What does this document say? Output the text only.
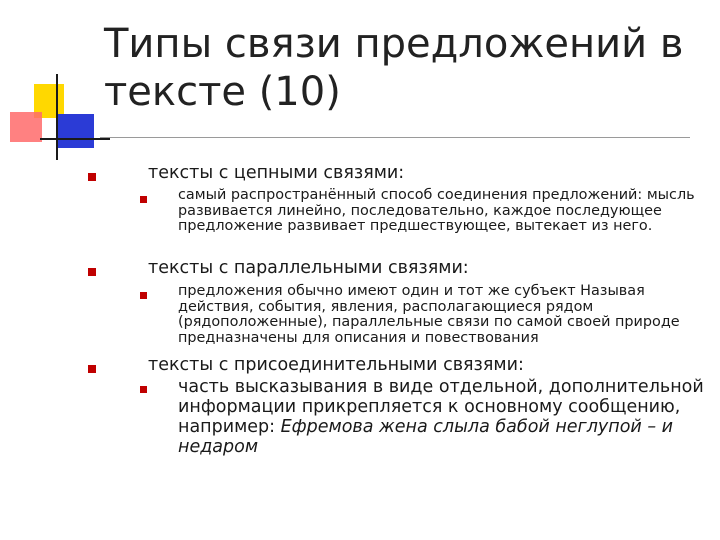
Типы связи предложений в тексте (10)

тексты с цепными связями:

самый распространённый способ соединения предложений: мысль развивается линейно, последовательно, каждое последующее предложение развивает предшествующее, вытекает из него.

тексты с параллельными связями:

предложения обычно имеют один и тот же субъект Называя действия, события, явления, располагающиеся рядом (рядоположенные), параллельные связи по самой своей природе предназначены для описания и повествования

тексты с присоединительными связями:

часть высказывания в виде отдельной, дополнительной информации прикрепляется к основному сообщению, например: Ефремова жена слыла бабой неглупой – и недаром
